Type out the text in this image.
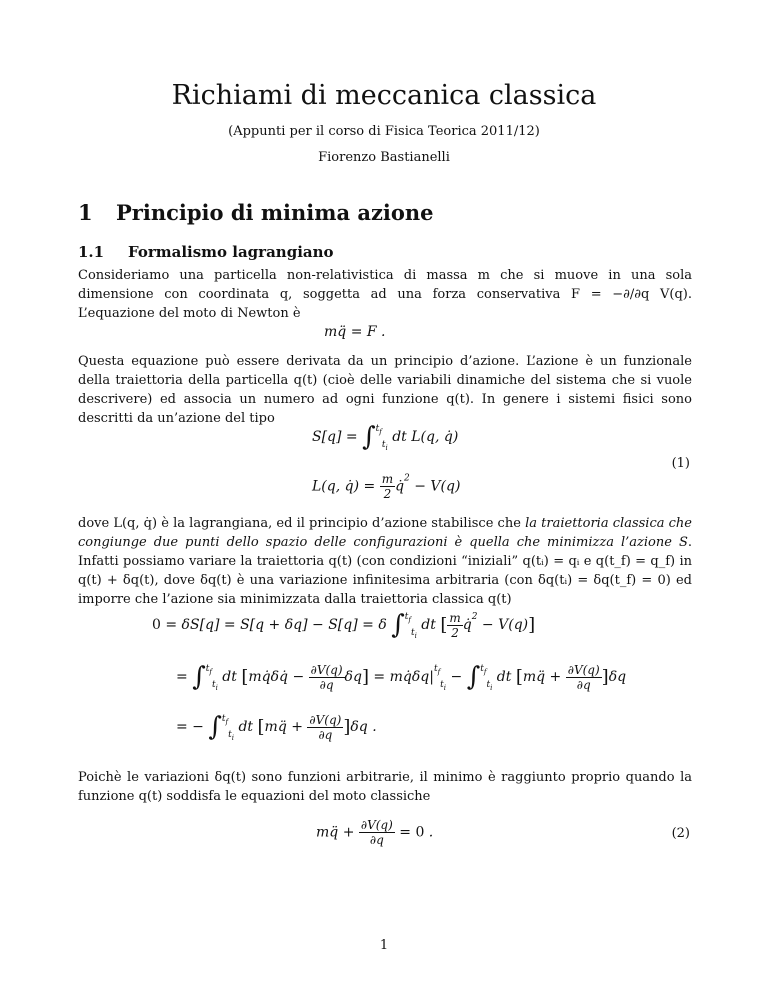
Richiami di meccanica classica
(Appunti per il corso di Fisica Teorica 2011/12)
Fiorenzo Bastianelli
1 Principio di minima azione
1.1 Formalismo lagrangiano

Consideriamo una particella non-relativistica di massa m che si muove in una sola dimensione con coordinata q, soggetta ad una forza conservativa F = −∂/∂q V(q). L’equazione del moto di Newton è

mq̈ = F .

Questa equazione può essere derivata da un principio d’azione. L’azione è un funzionale della traiettoria della particella q(t) (cioè delle variabili dinamiche del sistema che si vuole descrivere) ed associa un numero ad ogni funzione q(t). In genere i sistemi fisici sono descritti da un’azione del tipo

S[q] = ∫$^{t_f}_{t_i}$ dt L(q, q̇)
L(q, q̇) = $\frac{m}{2}$ q̇$^2$ − V(q)
(1)

dove L(q, q̇) è la lagrangiana, ed il principio d’azione stabilisce che la traiettoria classica che congiunge due punti dello spazio delle configurazioni è quella che minimizza l’azione S. Infatti possiamo variare la traiettoria q(t) (con condizioni “iniziali” q(tᵢ) = qᵢ e q(t_f) = q_f) in q(t) + δq(t), dove δq(t) è una variazione infinitesima arbitraria (con δq(tᵢ) = δq(t_f) = 0) ed imporre che l’azione sia minimizzata dalla traiettoria classica q(t)

0 = δS[q] = S[q + δq] − S[q] = δ ∫$^{t_f}_{t_i}$ dt [ $\frac{m}{2}$ q̇$^2$ − V(q)]
= ∫$^{t_f}_{t_i}$ dt [mq̇δq̇ − $\frac{\partial V(q)}{\partial q} \delta q$] = $mq̇\delta q|^{t_f}_{t_i} - \int^{t_f}_{t_i}$ dt [mq̈ + $\frac{\partial V(q)}{\partial q} ]\delta q$
= − ∫$^{t_f}_{t_i}$ dt [mq̈ + $\frac{\partial V(q)}{\partial q} ]\delta q$ .

Poichè le variazioni δq(t) sono funzioni arbitrarie, il minimo è raggiunto proprio quando la funzione q(t) soddisfa le equazioni del moto classiche

mq̈ + $\frac{\partial V(q)}{\partial q} = 0$ .	(2)
1
